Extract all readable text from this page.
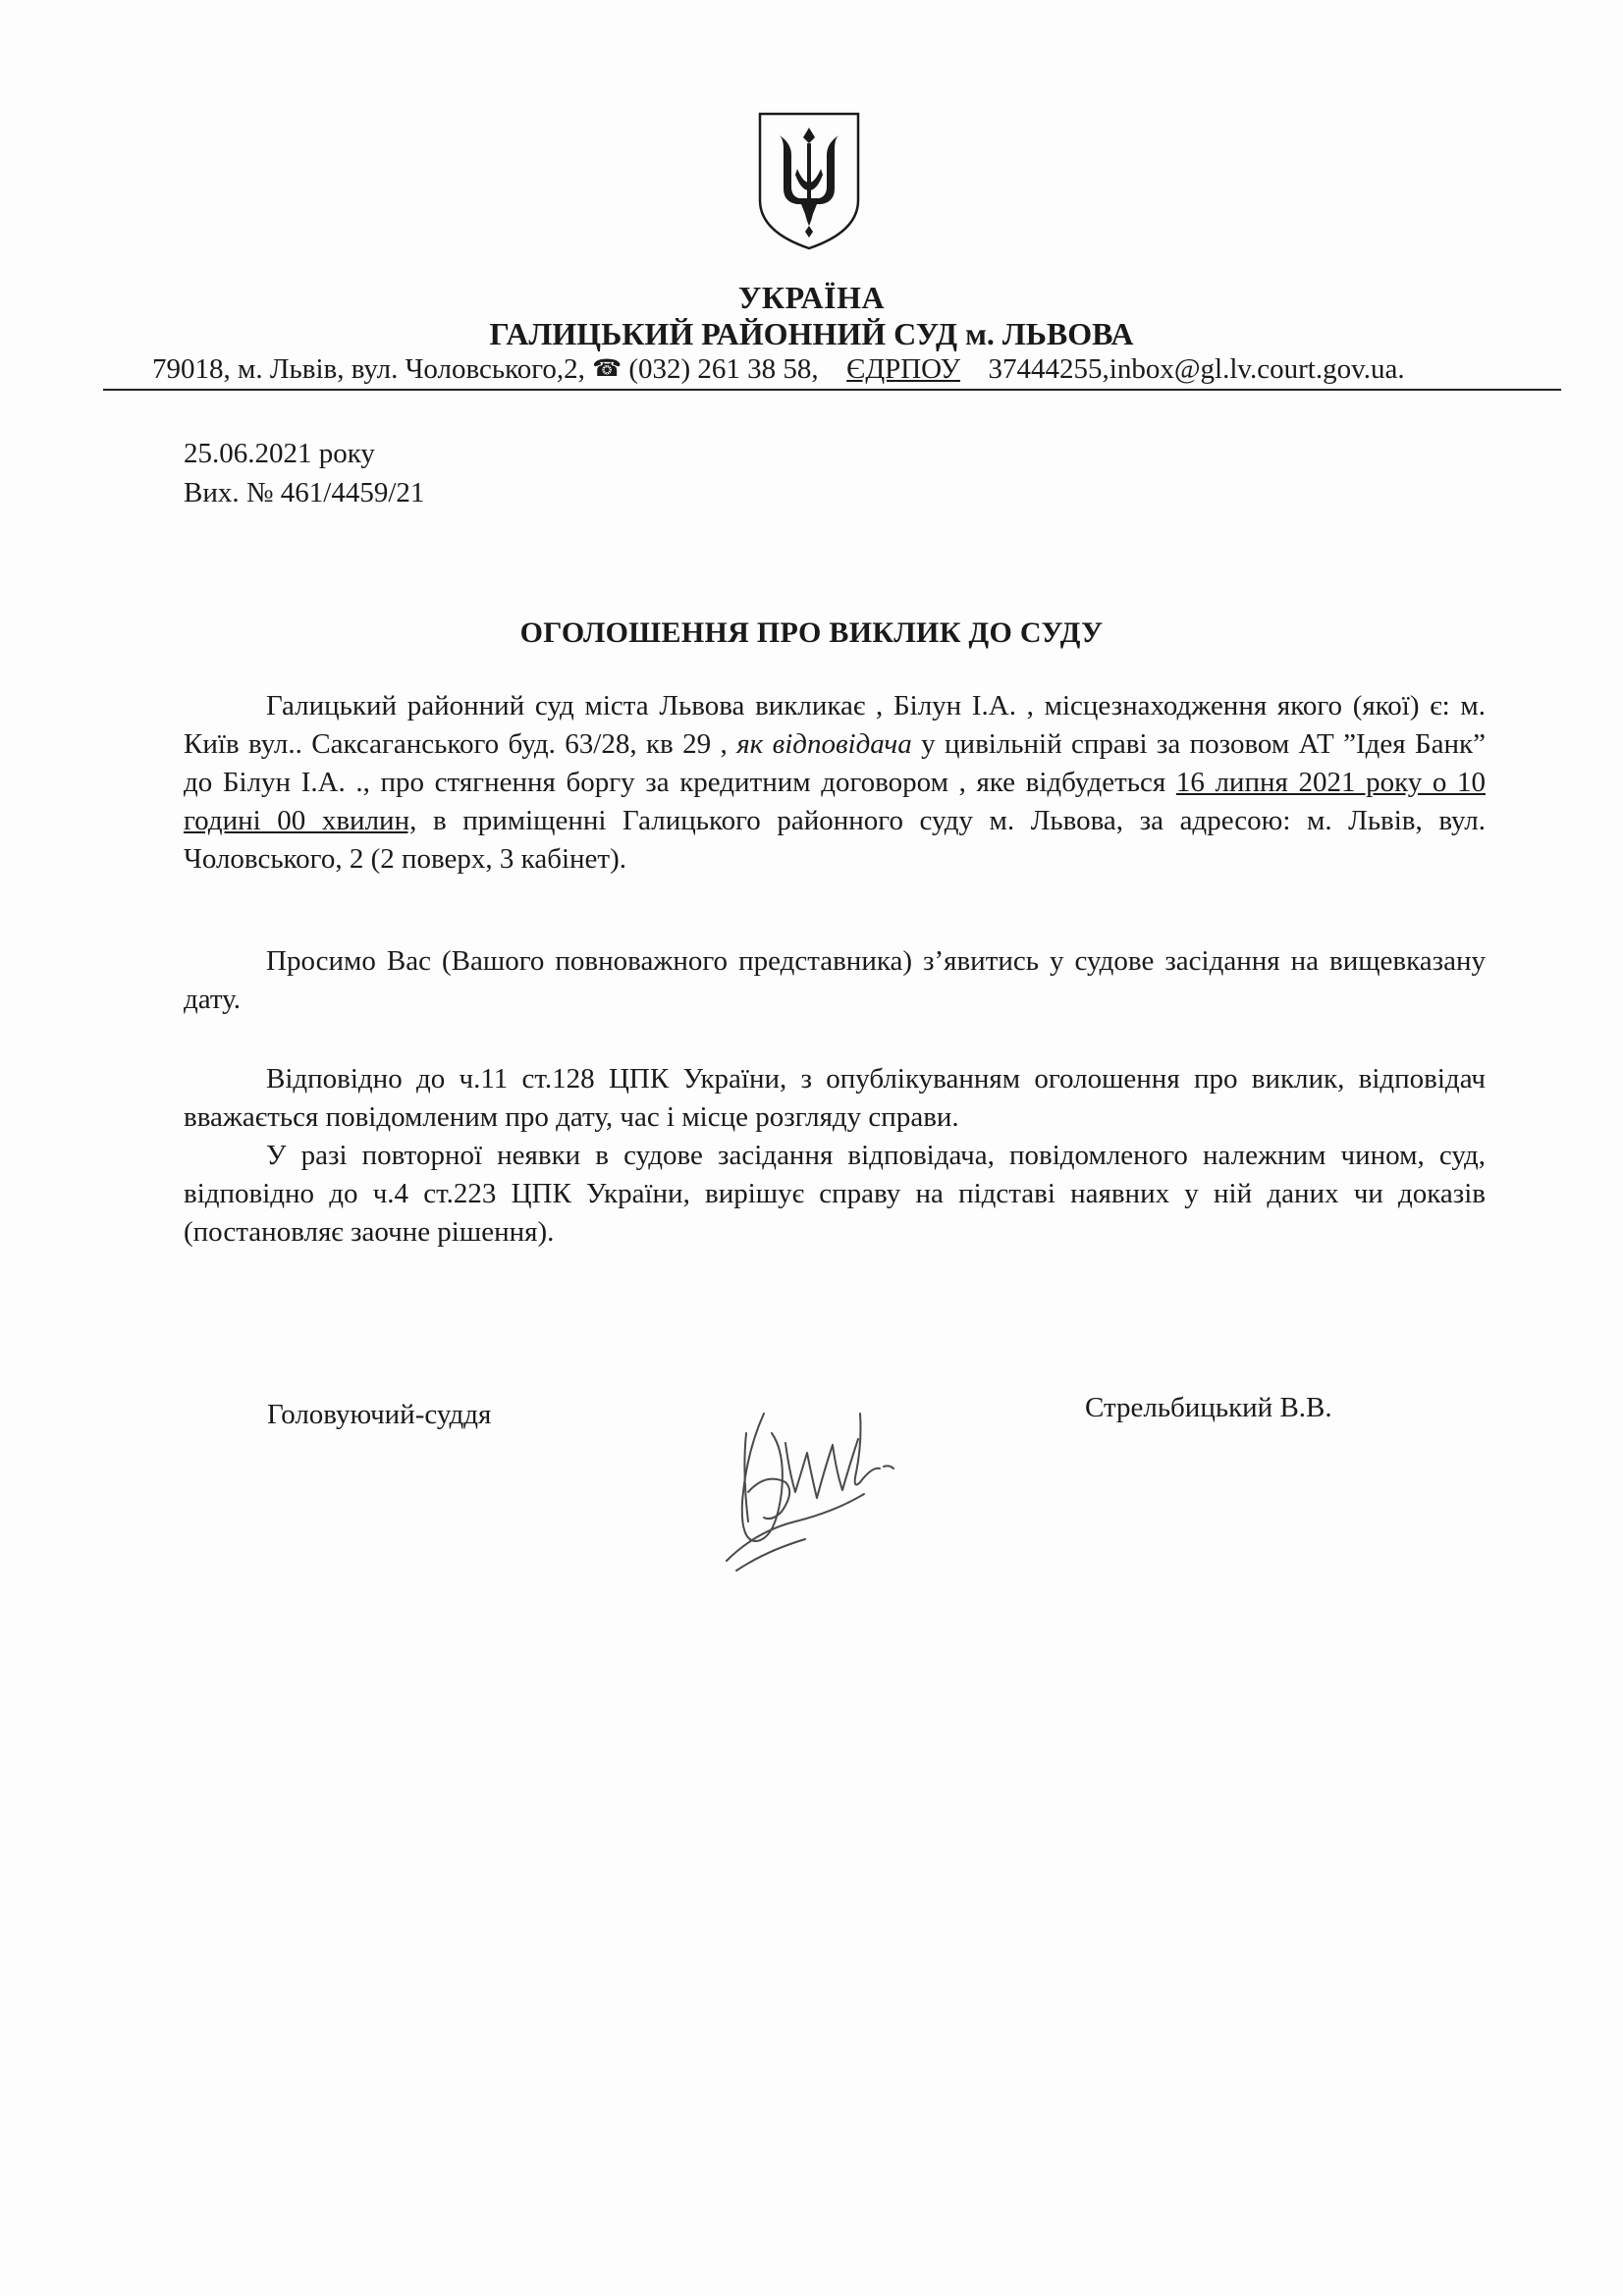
УКРАЇНА
ГАЛИЦЬКИЙ РАЙОННИЙ СУД м. ЛЬВОВА
79018, м. Львів, вул. Чоловського,2, ☎ (032) 261 38 58, ЄДРПОУ 37444255,inbox@gl.lv.court.gov.ua.
25.06.2021 року
Вих. № 461/4459/21
ОГОЛОШЕННЯ ПРО ВИКЛИК ДО СУДУ
Галицький районний суд міста Львова викликає , Білун І.А. , місцезнаходження якого (якої) є: м. Київ вул.. Саксаганського буд. 63/28, кв 29 , як відповідача у цивільній справі за позовом АТ ”Ідея Банк” до Білун І.А. ., про стягнення боргу за кредитним договором , яке відбудеться 16 липня 2021 року о 10 годині 00 хвилин, в приміщенні Галицького районного суду м. Львова, за адресою: м. Львів, вул. Чоловського, 2 (2 поверх, 3 кабінет).
Просимо Вас (Вашого повноважного представника) з’явитись у судове засідання на вищевказану дату.
Відповідно до ч.11 ст.128 ЦПК України, з опублікуванням оголошення про виклик, відповідач вважається повідомленим про дату, час і місце розгляду справи.
У разі повторної неявки в судове засідання відповідача, повідомленого належним чином, суд, відповідно до ч.4 ст.223 ЦПК України, вирішує справу на підставі наявних у ній даних чи доказів (постановляє заочне рішення).
Головуючий-суддя	Стрельбицький В.В.
